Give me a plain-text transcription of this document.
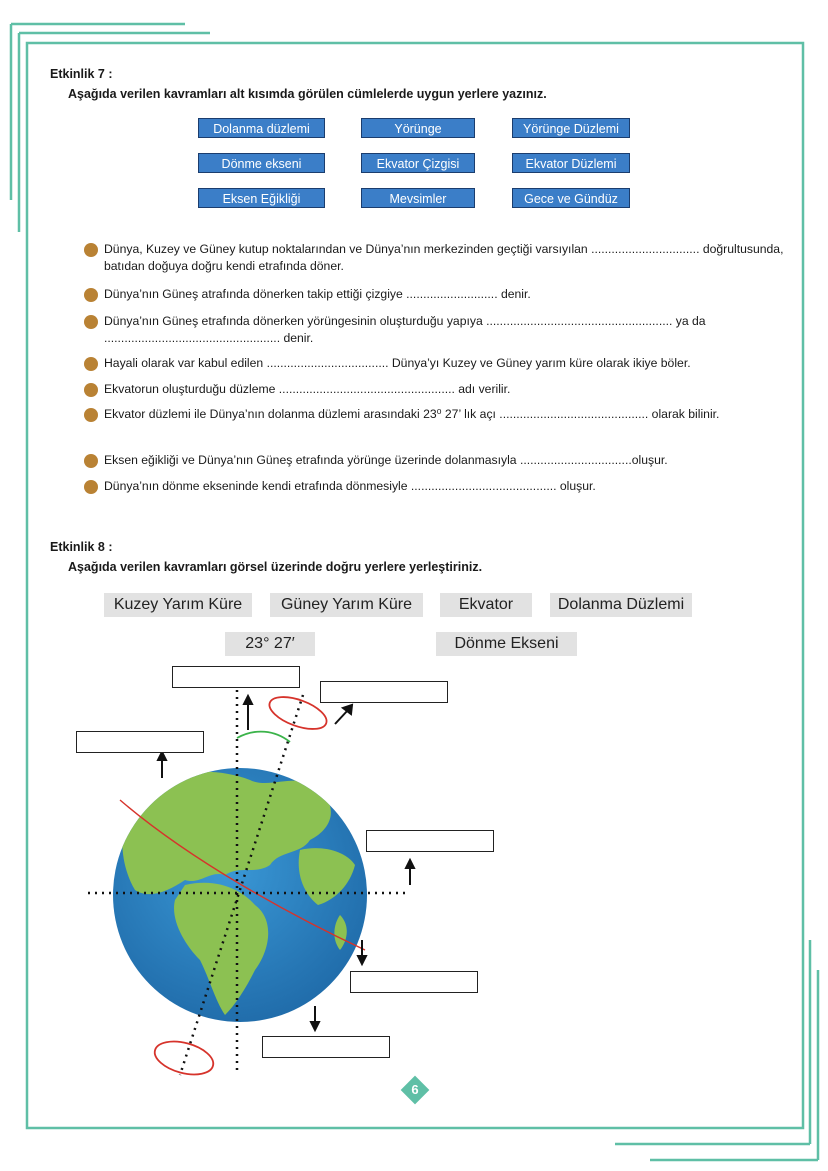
Etkinlik 7 :
Aşağıda verilen kavramları alt kısımda görülen cümlelerde uygun yerlere yazınız.
Dolanma düzlemi	Yörünge	Yörünge Düzlemi
Dönme ekseni	Ekvator Çizgisi	Ekvator Düzlemi
Eksen Eğikliği	Mevsimler	Gece ve Gündüz
Dünya, Kuzey ve Güney kutup noktalarından ve Dünya’nın merkezinden geçtiği varsıyılan ................................ doğrultusunda, batıdan doğuya doğru kendi etrafında döner.
Dünya’nın Güneş atrafında dönerken takip ettiği çizgiye ........................... denir.
Dünya’nın Güneş etrafında dönerken yörüngesinin oluşturduğu yapıya ....................................................... ya da .................................................... denir.
Hayali olarak var kabul edilen .................................... Dünya’yı Kuzey ve Güney yarım küre olarak ikiye böler.
Ekvatorun oluşturduğu düzleme .................................................... adı verilir.
Ekvator düzlemi ile Dünya’nın dolanma düzlemi arasındaki 23⁰ 27’ lık açı ............................................ olarak bilinir.
Eksen eğikliği ve Dünya’nın Güneş etrafında yörünge üzerinde dolanmasıyla .................................oluşur.
Dünya’nın dönme ekseninde kendi etrafında dönmesiyle ........................................... oluşur.
Etkinlik 8 :
Aşağıda verilen kavramları görsel üzerinde doğru yerlere yerleştiriniz.
Kuzey Yarım Küre	Güney Yarım Küre	Ekvator	Dolanma Düzlemi
23° 27′	Dönme Ekseni
6
